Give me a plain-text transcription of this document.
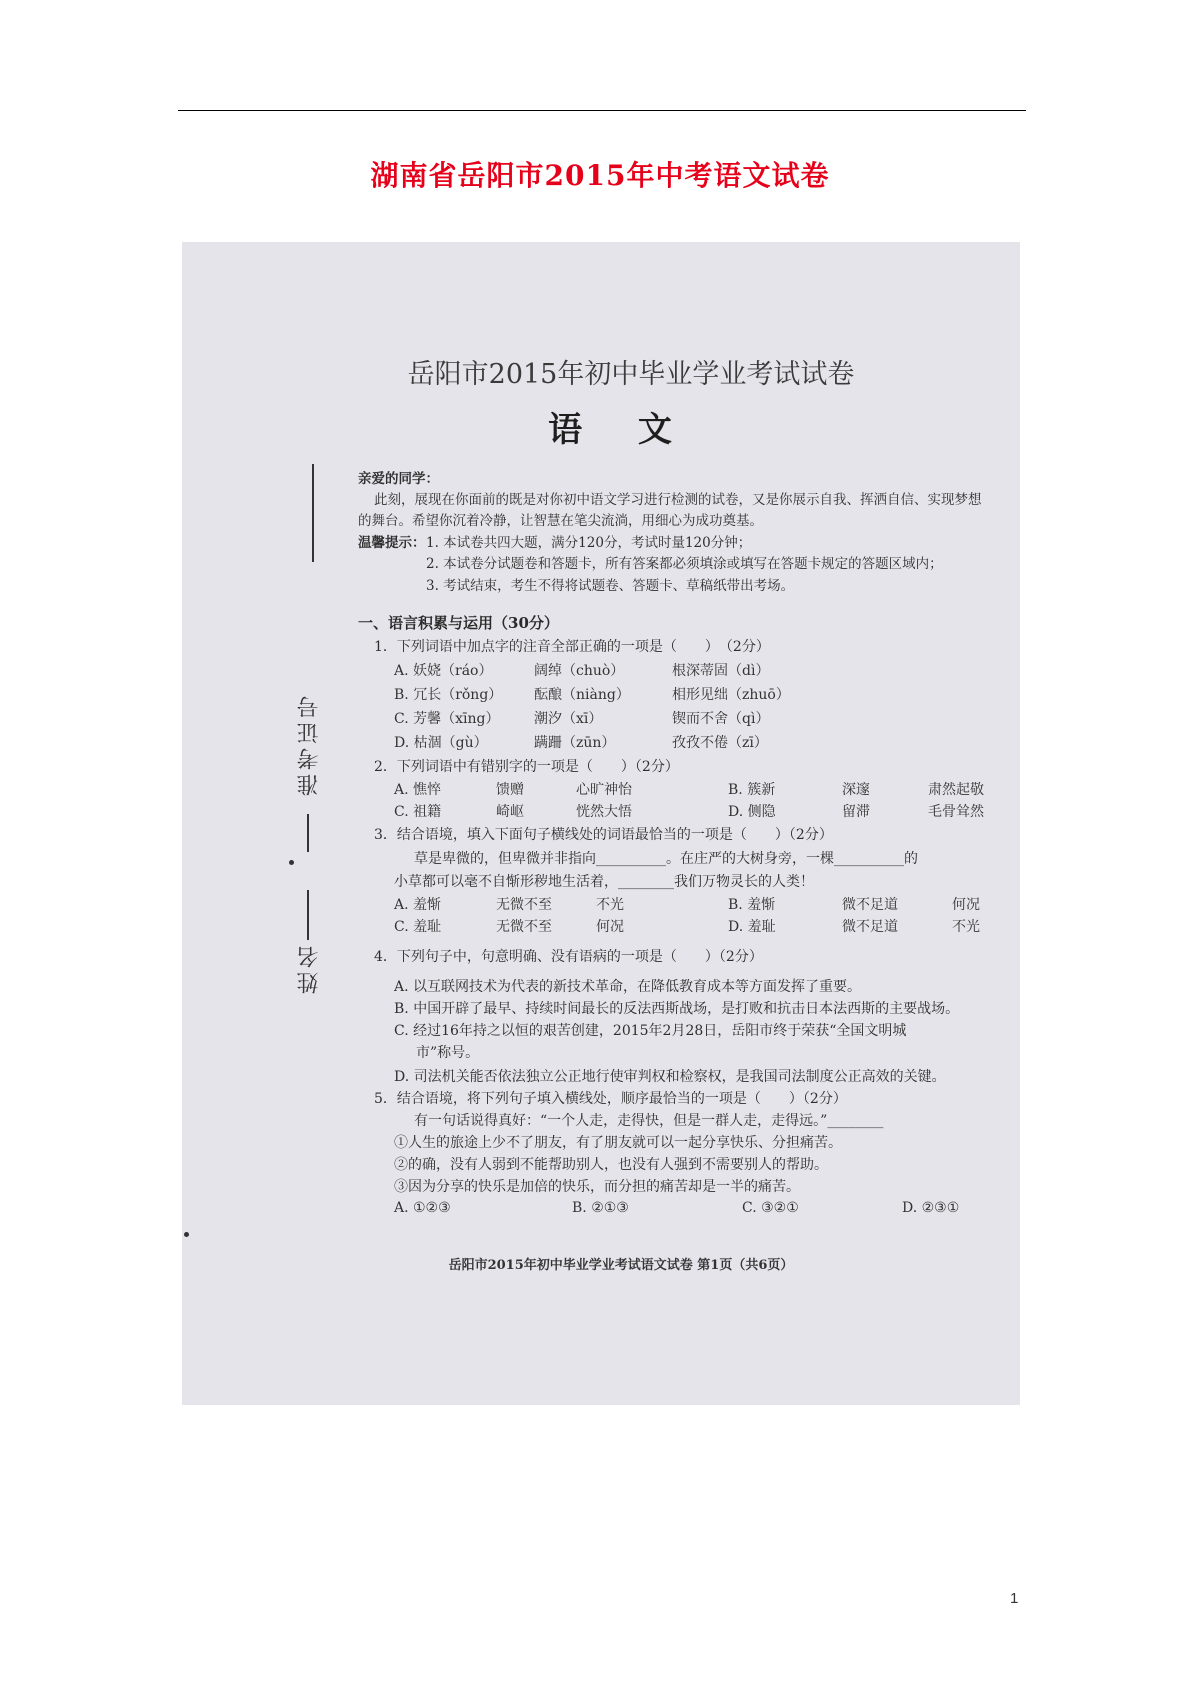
湖南省岳阳市2015年中考语文试卷
岳阳市2015年初中毕业学业考试试卷
语 文
准考证号
姓名
亲爱的同学：
此刻，展现在你面前的既是对你初中语文学习进行检测的试卷，又是你展示自我、挥洒自信、实现梦想
的舞台。希望你沉着冷静，让智慧在笔尖流淌，用细心为成功奠基。
温馨提示： 1. 本试卷共四大题，满分120分，考试时量120分钟；
2. 本试卷分试题卷和答题卡，所有答案都必须填涂或填写在答题卡规定的答题区域内；
3. 考试结束，考生不得将试题卷、答题卡、草稿纸带出考场。
一、语言积累与运用（30分）
1．下列词语中加点字的注音全部正确的一项是（　　）　（2分）
A. 妖娆（ráo）	阔绰（chuò）	根深蒂固（dì）
B. 冗长（rǒng） 酝酿（niàng）	相形见绌（zhuō）
C. 芳馨（xīng） 潮汐（xī）	锲而不舍（qì）
D. 枯涸（gù）	蹒跚（zūn）	孜孜不倦（zī）
2．下列词语中有错别字的一项是（　　）（2分）
A. 憔悴	馈赠	心旷神怡	B. 簇新	深邃	肃然起敬
C. 祖籍	崎岖	恍然大悟	D. 侧隐	留滞	毛骨耸然
3．结合语境，填入下面句子横线处的词语最恰当的一项是（　　）（2分）
草是卑微的，但卑微并非指向__________。在庄严的大树身旁，一棵__________的
小草都可以毫不自惭形秽地生活着，________我们万物灵长的人类！
A. 羞惭	无微不至	不光	B. 羞惭	微不足道	何况
C. 羞耻	无微不至	何况	D. 羞耻	微不足道	不光
4．下列句子中，句意明确、没有语病的一项是（　　）（2分）
A. 以互联网技术为代表的新技术革命，在降低教育成本等方面发挥了重要。
B. 中国开辟了最早、持续时间最长的反法西斯战场，是打败和抗击日本法西斯的主要战场。
C. 经过16年持之以恒的艰苦创建，2015年2月28日，岳阳市终于荣获“全国文明城
市”称号。
D. 司法机关能否依法独立公正地行使审判权和检察权，是我国司法制度公正高效的关键。
5．结合语境，将下列句子填入横线处，顺序最恰当的一项是（　　）（2分）
有一句话说得真好：“一个人走，走得快，但是一群人走，走得远。”________
①人生的旅途上少不了朋友，有了朋友就可以一起分享快乐、分担痛苦。
②的确，没有人弱到不能帮助别人，也没有人强到不需要别人的帮助。
③因为分享的快乐是加倍的快乐，而分担的痛苦却是一半的痛苦。
A. ①②③	B. ②①③	C. ③②①	D. ②③①
岳阳市2015年初中毕业学业考试语文试卷 第1页（共6页）
1
